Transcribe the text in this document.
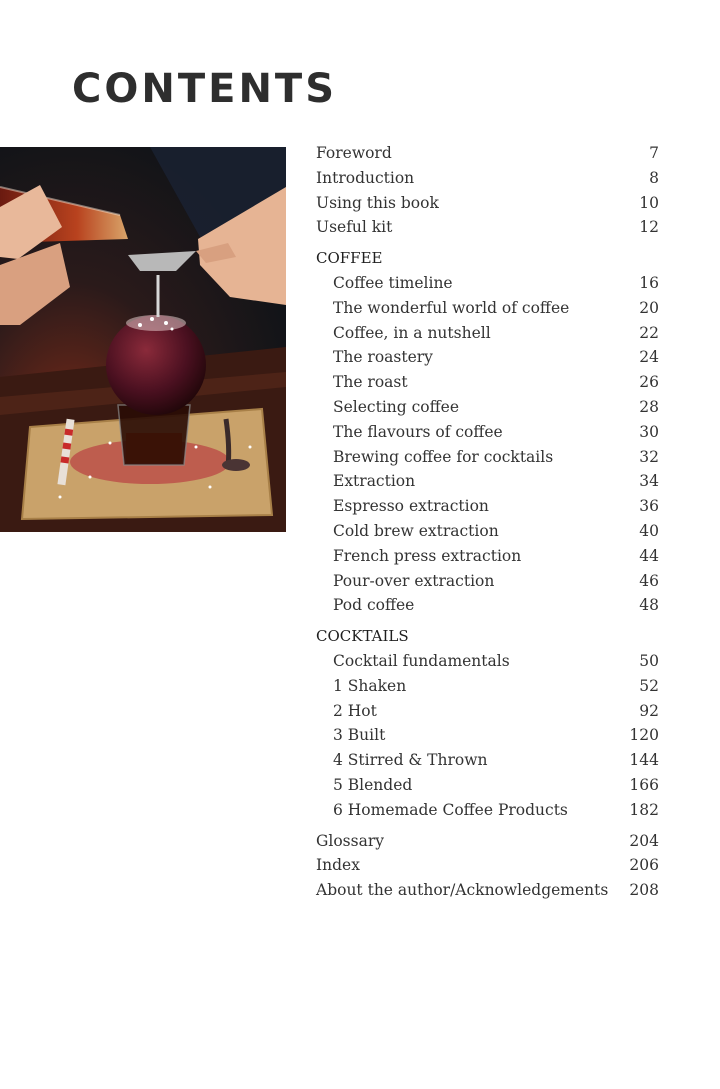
CONTENTS
Foreword	7
Introduction	8
Using this book	10
Useful kit	12
COFFEE
Coffee timeline	16
The wonderful world of coffee	20
Coffee, in a nutshell	22
The roastery	24
The roast	26
Selecting coffee	28
The flavours of coffee	30
Brewing coffee for cocktails	32
Extraction	34
Espresso extraction	36
Cold brew extraction	40
French press extraction	44
Pour-over extraction	46
Pod coffee	48
COCKTAILS
Cocktail fundamentals	50
1 Shaken	52
2 Hot	92
3 Built	120
4 Stirred & Thrown	144
5 Blended	166
6 Homemade Coffee Products	182
Glossary	204
Index	206
About the author/Acknowledgements	208
